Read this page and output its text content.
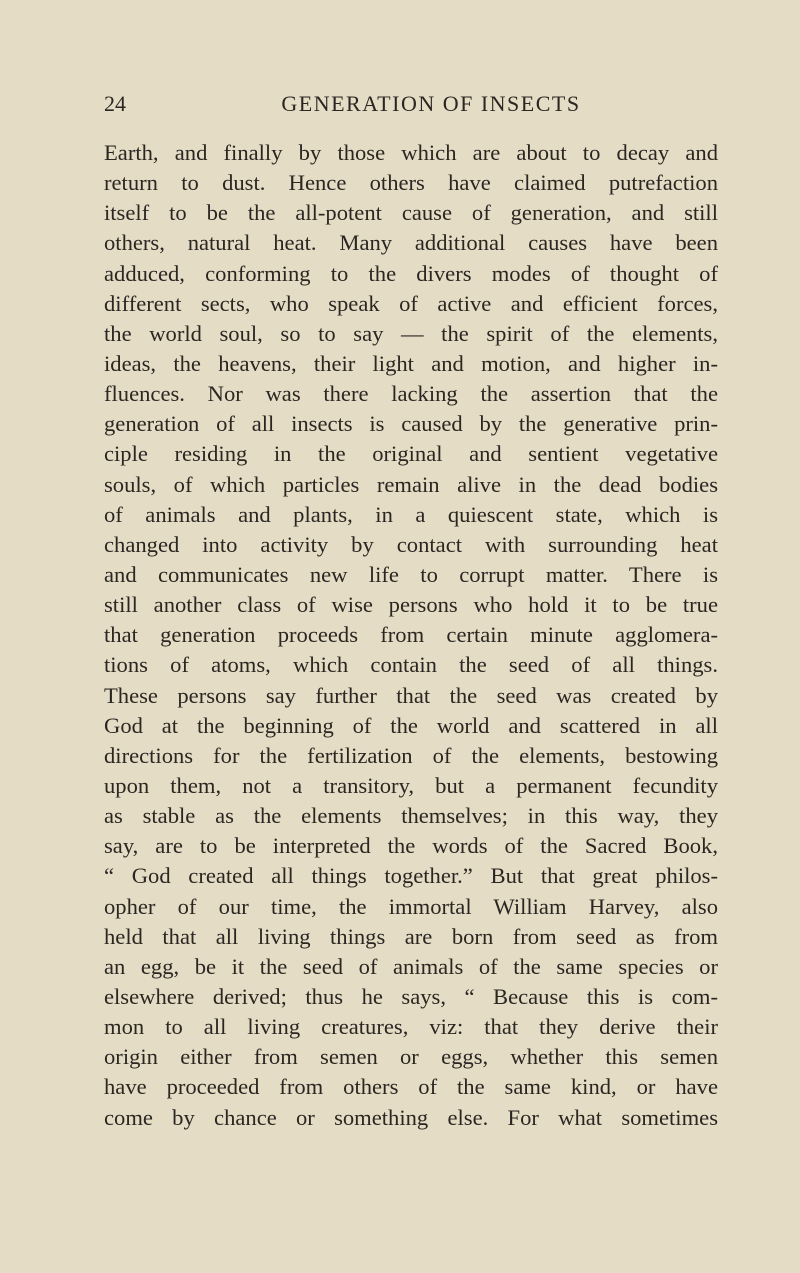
24	GENERATION OF INSECTS
Earth, and finally by those which are about to decay and
return to dust. Hence others have claimed putrefaction
itself to be the all-potent cause of generation, and still
others, natural heat. Many additional causes have been
adduced, conforming to the divers modes of thought of
different sects, who speak of active and efficient forces,
the world soul, so to say — the spirit of the elements,
ideas, the heavens, their light and motion, and higher in-
fluences. Nor was there lacking the assertion that the
generation of all insects is caused by the generative prin-
ciple residing in the original and sentient vegetative
souls, of which particles remain alive in the dead bodies
of animals and plants, in a quiescent state, which is
changed into activity by contact with surrounding heat
and communicates new life to corrupt matter. There is
still another class of wise persons who hold it to be true
that generation proceeds from certain minute agglomera-
tions of atoms, which contain the seed of all things.
These persons say further that the seed was created by
God at the beginning of the world and scattered in all
directions for the fertilization of the elements, bestowing
upon them, not a transitory, but a permanent fecundity
as stable as the elements themselves; in this way, they
say, are to be interpreted the words of the Sacred Book,
“ God created all things together.” But that great philos-
opher of our time, the immortal William Harvey, also
held that all living things are born from seed as from
an egg, be it the seed of animals of the same species or
elsewhere derived; thus he says, “ Because this is com-
mon to all living creatures, viz: that they derive their
origin either from semen or eggs, whether this semen
have proceeded from others of the same kind, or have
come by chance or something else. For what sometimes
